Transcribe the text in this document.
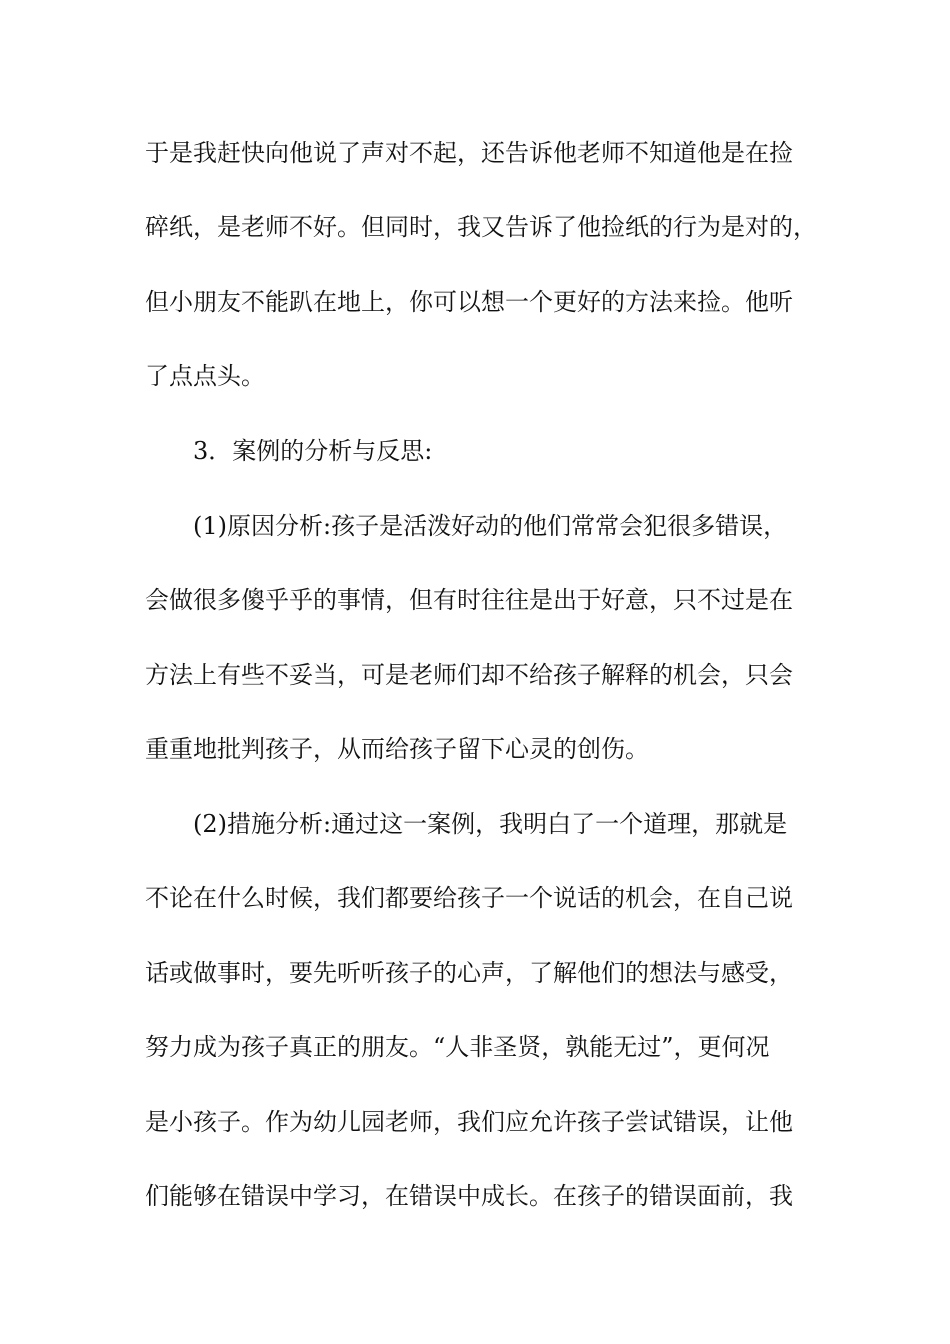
于是我赶快向他说了声对不起，还告诉他老师不知道他是在捡
碎纸，是老师不好。但同时，我又告诉了他捡纸的行为是对的，
但小朋友不能趴在地上，你可以想一个更好的方法来捡。他听
了点点头。
3．案例的分析与反思:
(1)原因分析:孩子是活泼好动的他们常常会犯很多错误，
会做很多傻乎乎的事情，但有时往往是出于好意，只不过是在
方法上有些不妥当，可是老师们却不给孩子解释的机会，只会
重重地批判孩子，从而给孩子留下心灵的创伤。
(2)措施分析:通过这一案例，我明白了一个道理，那就是
不论在什么时候，我们都要给孩子一个说话的机会，在自己说
话或做事时，要先听听孩子的心声，了解他们的想法与感受，
努力成为孩子真正的朋友。“人非圣贤，孰能无过”，更何况
是小孩子。作为幼儿园老师，我们应允许孩子尝试错误，让他
们能够在错误中学习，在错误中成长。在孩子的错误面前，我
